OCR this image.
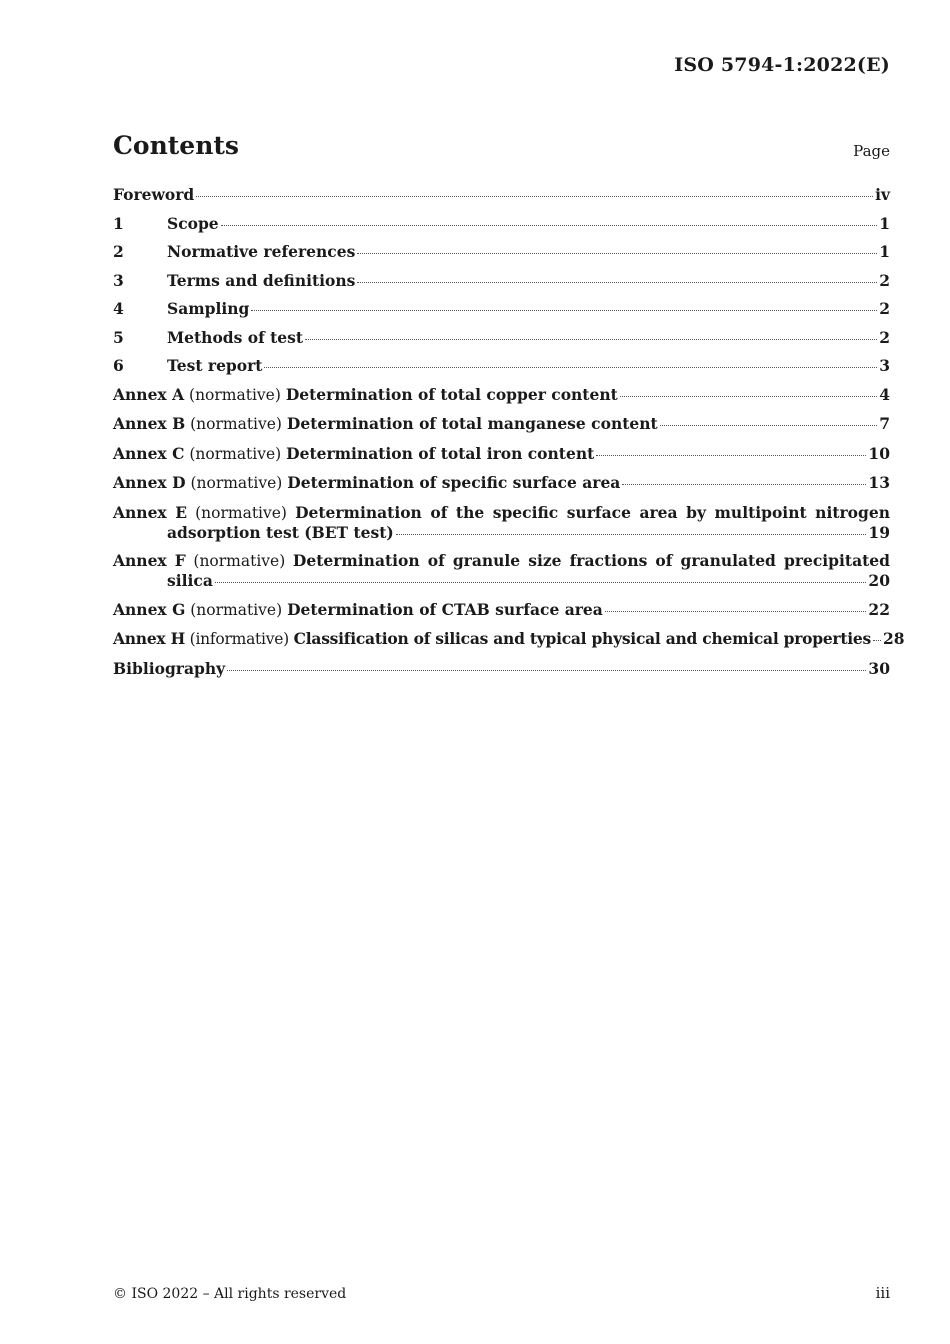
ISO 5794-1:2022(E)
Contents	Page
Foreword	iv
1	Scope	1
2	Normative references	1
3	Terms and definitions	2
4	Sampling	2
5	Methods of test	2
6	Test report	3
Annex A (normative) Determination of total copper content	4
Annex B (normative) Determination of total manganese content	7
Annex C (normative) Determination of total iron content	10
Annex D (normative) Determination of specific surface area	13
Annex E (normative) Determination of the specific surface area by multipoint nitrogen
adsorption test (BET test)	19
Annex F (normative) Determination of granule size fractions of granulated precipitated
silica	20
Annex G (normative) Determination of CTAB surface area	22
Annex H (informative) Classification of silicas and typical physical and chemical properties 28
Bibliography	30
© ISO 2022 – All rights reserved	iii
